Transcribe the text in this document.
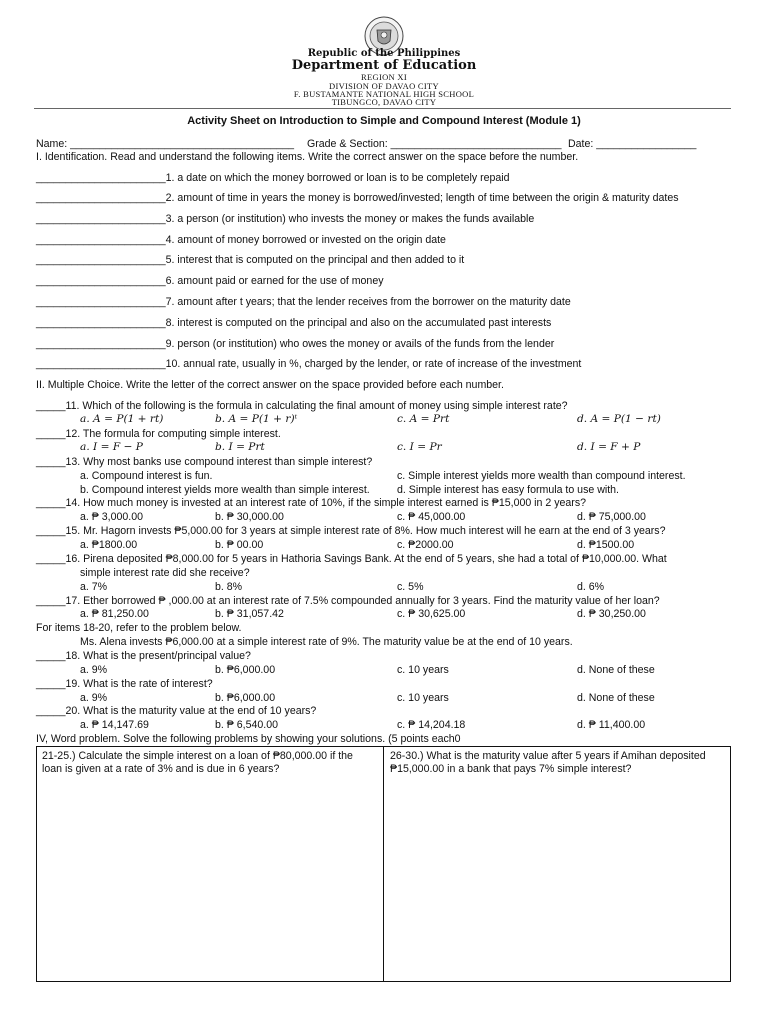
Republic of the Philippines
Department of Education
REGION XI
DIVISION OF DAVAO CITY
F. BUSTAMANTE NATIONAL HIGH SCHOOL
TIBUNGCO, DAVAO CITY
Activity Sheet on Introduction to Simple and Compound Interest (Module 1)
Name: ______________________________________ Grade & Section: _____________________________ Date: _________________
I. Identification. Read and understand the following items. Write the correct answer on the space before the number.
______________________1. a date on which the money borrowed or loan is to be completely repaid
______________________2. amount of time in years the money is borrowed/invested; length of time between the origin & maturity dates
______________________3. a person (or institution) who invests the money or makes the funds available
______________________4. amount of money borrowed or invested on the origin date
______________________5. interest that is computed on the principal and then added to it
______________________6. amount paid or earned for the use of money
______________________7. amount after t years; that the lender receives from the borrower on the maturity date
______________________8. interest is computed on the principal and also on the accumulated past interests
______________________9. person (or institution) who owes the money or avails of the funds from the lender
______________________10. annual rate, usually in %, charged by the lender, or rate of increase of the investment
II. Multiple Choice. Write the letter of the correct answer on the space provided before each number.
_____11. Which of the following is the formula in calculating the final amount of money using simple interest rate?
a. A = P(1 + rt)	b. A = P(1 + r)ᵗ	c. A = Prt	d. A = P(1 − rt)
_____12. The formula for computing simple interest.
a. I = F − P	b. I = Prt	c. I = Pr	d. I = F + P
_____13. Why most banks use compound interest than simple interest?
a. Compound interest is fun.	c. Simple interest yields more wealth than compound interest.
b. Compound interest yields more wealth than simple interest.	d. Simple interest has easy formula to use with.
_____14. How much money is invested at an interest rate of 10%, if the simple interest earned is ₱15,000 in 2 years?
a. ₱ 3,000.00	b. ₱ 30,000.00	c. ₱ 45,000.00	d. ₱ 75,000.00
_____15. Mr. Hagorn invests ₱5,000.00 for 3 years at simple interest rate of 8%. How much interest will he earn at the end of 3 years?
a. ₱1800.00	b. ₱ 00.00	c. ₱2000.00	d. ₱1500.00
_____16. Pirena deposited ₱8,000.00 for 5 years in Hathoria Savings Bank. At the end of 5 years, she had a total of ₱10,000.00. What
simple interest rate did she receive?
a. 7%	b. 8%	c. 5%	d. 6%
_____17. Ether borrowed ₱ ,000.00 at an interest rate of 7.5% compounded annually for 3 years. Find the maturity value of her loan?
a. ₱ 81,250.00	b. ₱ 31,057.42	c. ₱ 30,625.00	d. ₱ 30,250.00
For items 18-20, refer to the problem below.
Ms. Alena invests ₱6,000.00 at a simple interest rate of 9%. The maturity value be at the end of 10 years.
_____18. What is the present/principal value?
a. 9%	b. ₱6,000.00	c. 10 years	d. None of these
_____19. What is the rate of interest?
a. 9%	b. ₱6,000.00	c. 10 years	d. None of these
_____20. What is the maturity value at the end of 10 years?
a. ₱ 14,147.69	b. ₱ 6,540.00	c. ₱ 14,204.18	d. ₱ 11,400.00
IV, Word problem. Solve the following problems by showing your solutions. (5 points each0
21-25.) Calculate the simple interest on a loan of ₱80,000.00 if the
loan is given at a rate of 3% and is due in 6 years?
26-30.) What is the maturity value after 5 years if Amihan deposited
₱15,000.00 in a bank that pays 7% simple interest?
